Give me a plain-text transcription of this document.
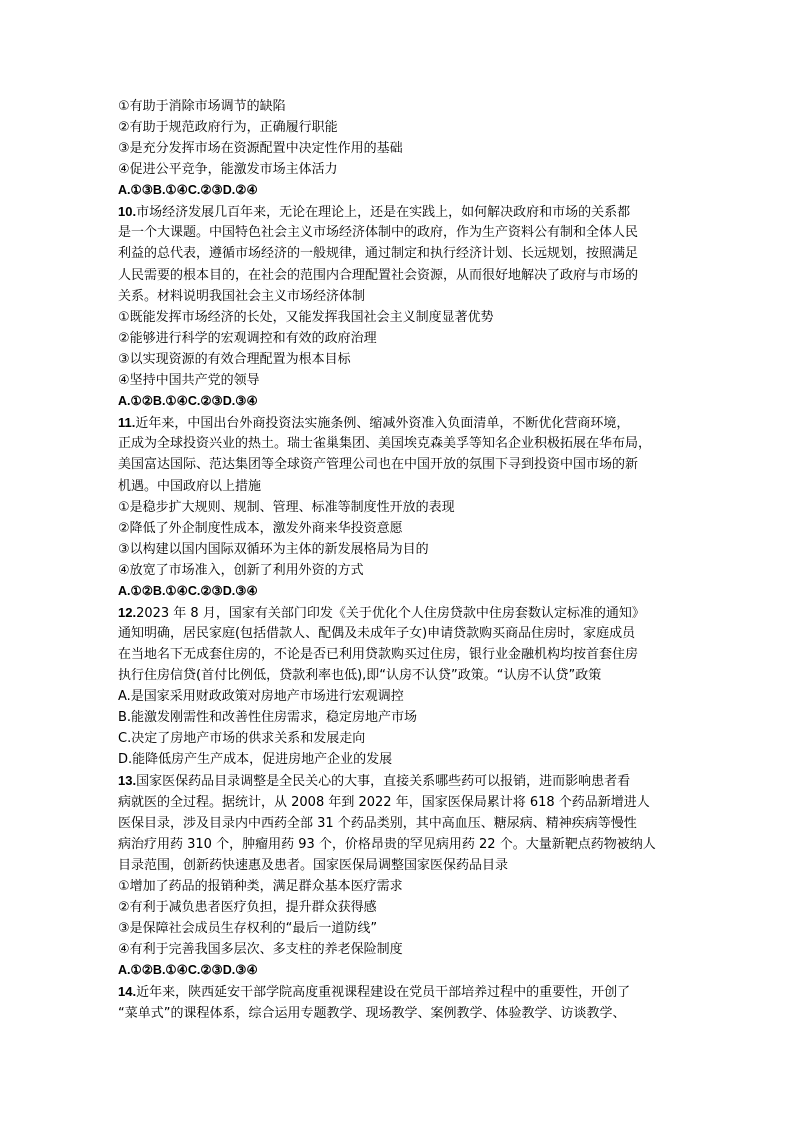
①有助于消除市场调节的缺陷
②有助于规范政府行为，正确履行职能
③是充分发挥市场在资源配置中决定性作用的基础
④促进公平竞争，能激发市场主体活力
A.①③B.①④C.②③D.②④
10.市场经济发展几百年来，无论在理论上，还是在实践上，如何解决政府和市场的关系都
是一个大课题。中国特色社会主义市场经济体制中的政府，作为生产资料公有制和全体人民
利益的总代表，遵循市场经济的一般规律，通过制定和执行经济计划、长远规划，按照满足
人民需要的根本目的，在社会的范围内合理配置社会资源，从而很好地解决了政府与市场的
关系。材料说明我国社会主义市场经济体制
①既能发挥市场经济的长处，又能发挥我国社会主义制度显著优势
②能够进行科学的宏观调控和有效的政府治理
③以实现资源的有效合理配置为根本目标
④坚持中国共产党的领导
A.①②B.①④C.②③D.③④
11.近年来，中国出台外商投资法实施条例、缩减外资准入负面清单，不断优化营商环境，
正成为全球投资兴业的热土。瑞士雀巢集团、美国埃克森美孚等知名企业积极拓展在华布局，
美国富达国际、范达集团等全球资产管理公司也在中国开放的氛围下寻到投资中国市场的新
机遇。中国政府以上措施
①是稳步扩大规则、规制、管理、标准等制度性开放的表现
②降低了外企制度性成本，激发外商来华投资意愿
③以构建以国内国际双循环为主体的新发展格局为目的
④放宽了市场准入，创新了利用外资的方式
A.①②B.①④C.②③D.③④
12.2023 年 8 月，国家有关部门印发《关于优化个人住房贷款中住房套数认定标准的通知》
通知明确，居民家庭(包括借款人、配偶及未成年子女)申请贷款购买商品住房时，家庭成员
在当地名下无成套住房的，不论是否已利用贷款购买过住房，银行业金融机构均按首套住房
执行住房信贷(首付比例低，贷款利率也低),即“认房不认贷”政策。“认房不认贷”政策
A.是国家采用财政政策对房地产市场进行宏观调控
B.能激发刚需性和改善性住房需求，稳定房地产市场
C.决定了房地产市场的供求关系和发展走向
D.能降低房产生产成本，促进房地产企业的发展
13.国家医保药品目录调整是全民关心的大事，直接关系哪些药可以报销，进而影响患者看
病就医的全过程。据统计，从 2008 年到 2022 年，国家医保局累计将 618 个药品新增进人
医保目录，涉及目录内中西药全部 31 个药品类别，其中高血压、糖尿病、精神疾病等慢性
病治疗用药 310 个，肿瘤用药 93 个，价格昂贵的罕见病用药 22 个。大量新靶点药物被纳人
目录范围，创新药快速惠及患者。国家医保局调整国家医保药品目录
①增加了药品的报销种类，满足群众基本医疗需求
②有利于减负患者医疗负担，提升群众获得感
③是保障社会成员生存权利的“最后一道防线”
④有利于完善我国多层次、多支柱的养老保险制度
A.①②B.①④C.②③D.③④
14.近年来，陕西延安干部学院高度重视课程建设在党员干部培养过程中的重要性，开创了
“菜单式”的课程体系，综合运用专题教学、现场教学、案例教学、体验教学、访谈教学、
